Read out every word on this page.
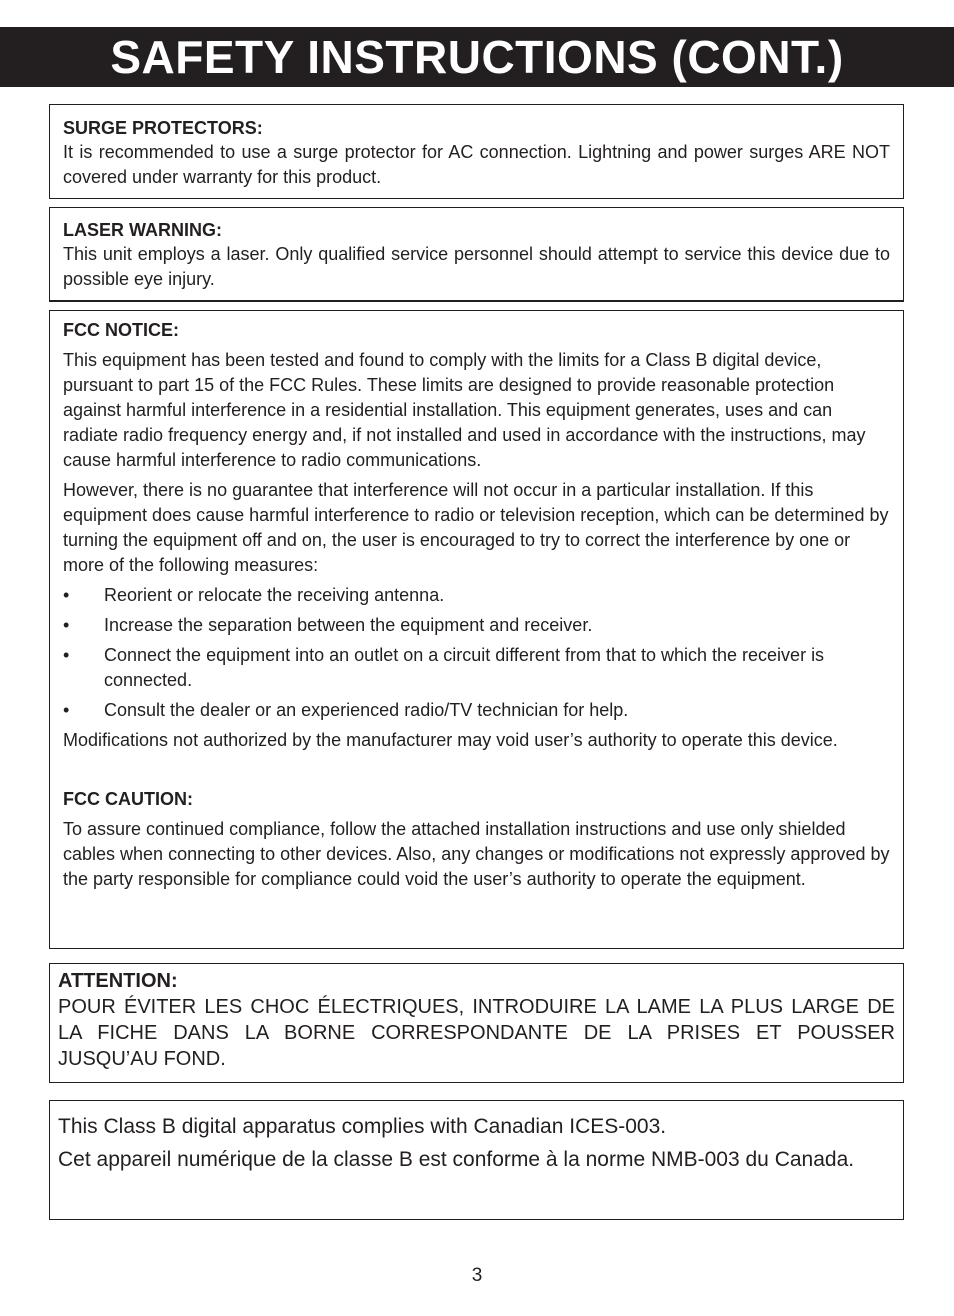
SAFETY INSTRUCTIONS (CONT.)

SURGE PROTECTORS:

It is recommended to use a surge protector for AC connection. Lightning and power surges ARE NOT covered under warranty for this product.

LASER WARNING:

This unit employs a laser. Only qualified service personnel should attempt to service this device due to possible eye injury.

FCC NOTICE:

This equipment has been tested and found to comply with the limits for a Class B digital device, pursuant to part 15 of the FCC Rules. These limits are designed to provide reasonable protection against harmful interference in a residential installation. This equipment generates, uses and can radiate radio frequency energy and, if not installed and used in accordance with the instructions, may cause harmful interference to radio communications.

However, there is no guarantee that interference will not occur in a particular installation. If this equipment does cause harmful interference to radio or television reception, which can be determined by turning the equipment off and on, the user is encouraged to try to correct the interference by one or more of the following measures:

• Reorient or relocate the receiving antenna.
• Increase the separation between the equipment and receiver.
• Connect the equipment into an outlet on a circuit different from that to which the receiver is connected.
• Consult the dealer or an experienced radio/TV technician for help.

Modifications not authorized by the manufacturer may void user’s authority to operate this device.

FCC CAUTION:

To assure continued compliance, follow the attached installation instructions and use only shielded cables when connecting to other devices. Also, any changes or modifications not expressly approved by the party responsible for compliance could void the user’s authority to operate the equipment.

ATTENTION:

POUR ÉVITER LES CHOC ÉLECTRIQUES, INTRODUIRE LA LAME LA PLUS LARGE DE LA FICHE DANS LA BORNE CORRESPONDANTE DE LA PRISES ET POUSSER JUSQU’AU FOND.

This Class B digital apparatus complies with Canadian ICES-003.

Cet appareil numérique de la classe B est conforme à la norme NMB-003 du Canada.

3
